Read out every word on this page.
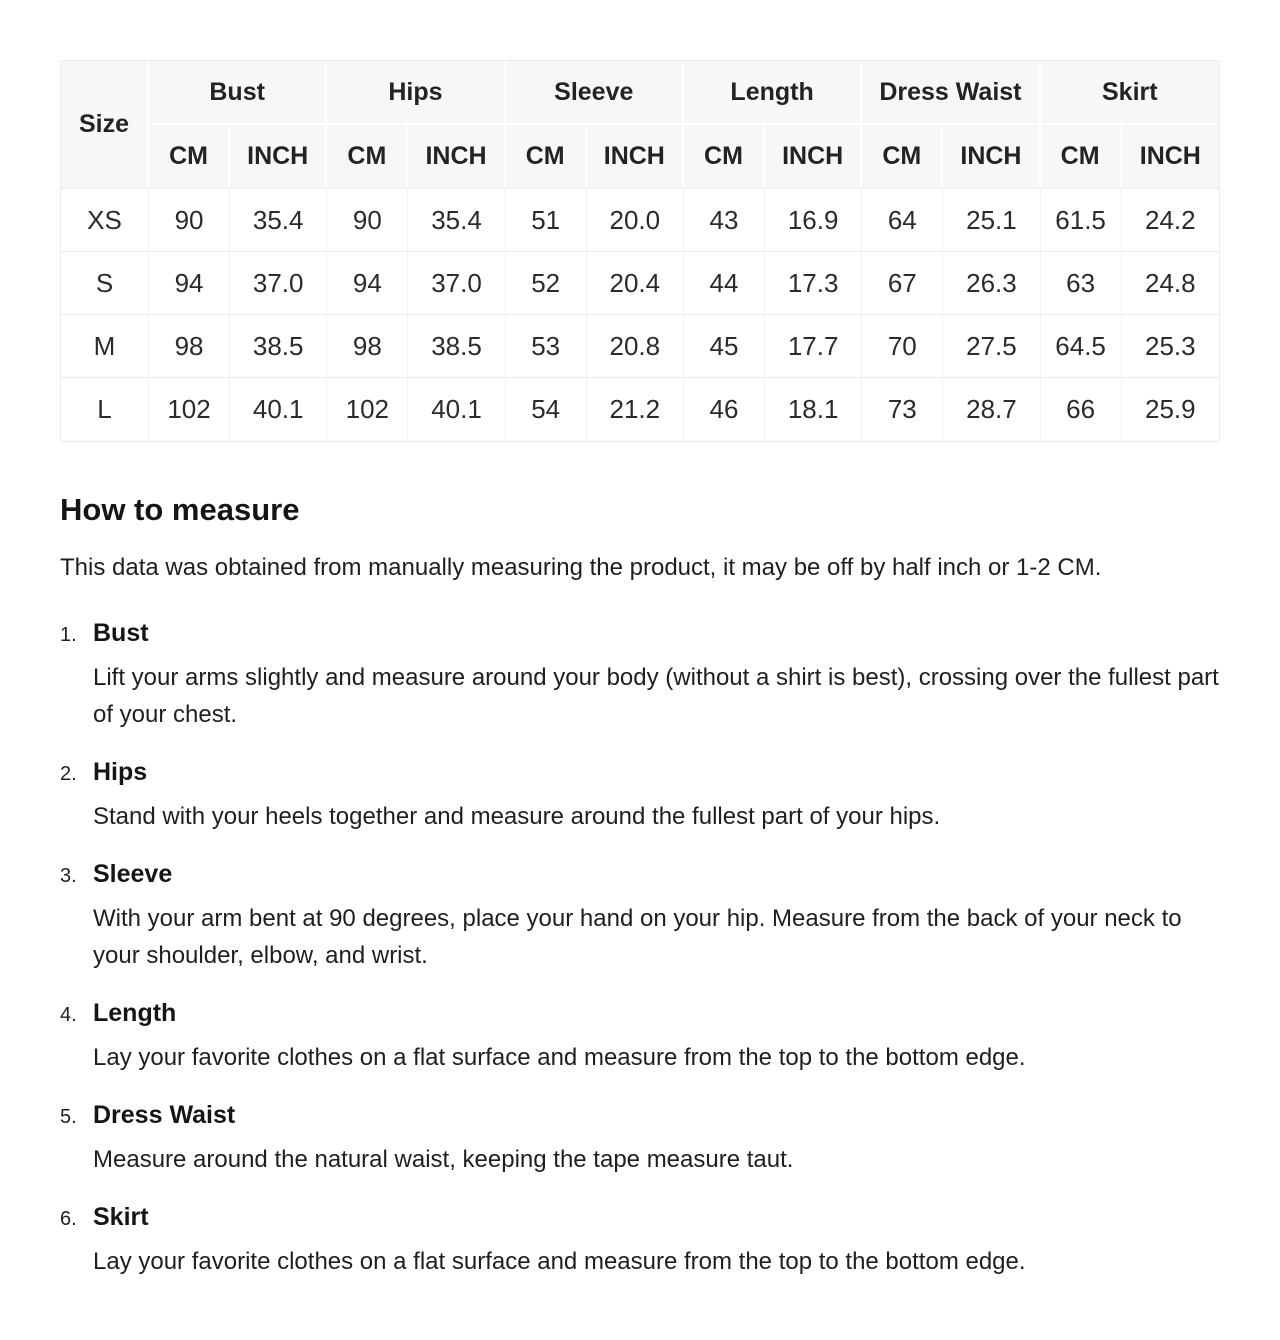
Size	Bust		Hips		Sleeve		Length		Dress Waist		Skirt	
	CM	INCH	CM	INCH	CM	INCH	CM	INCH	CM	INCH	CM	INCH
XS	90	35.4	90	35.4	51	20.0	43	16.9	64	25.1	61.5	24.2
S	94	37.0	94	37.0	52	20.4	44	17.3	67	26.3	63	24.8
M	98	38.5	98	38.5	53	20.8	45	17.7	70	27.5	64.5	25.3
L	102	40.1	102	40.1	54	21.2	46	18.1	73	28.7	66	25.9
How to measure

This data was obtained from manually measuring the product, it may be off by half inch or 1-2 CM.

1. Bust
Lift your arms slightly and measure around your body (without a shirt is best), crossing over the fullest part of your chest.
2. Hips
Stand with your heels together and measure around the fullest part of your hips.
3. Sleeve
With your arm bent at 90 degrees, place your hand on your hip. Measure from the back of your neck to your shoulder, elbow, and wrist.
4. Length
Lay your favorite clothes on a flat surface and measure from the top to the bottom edge.
5. Dress Waist
Measure around the natural waist, keeping the tape measure taut.
6. Skirt
Lay your favorite clothes on a flat surface and measure from the top to the bottom edge.
